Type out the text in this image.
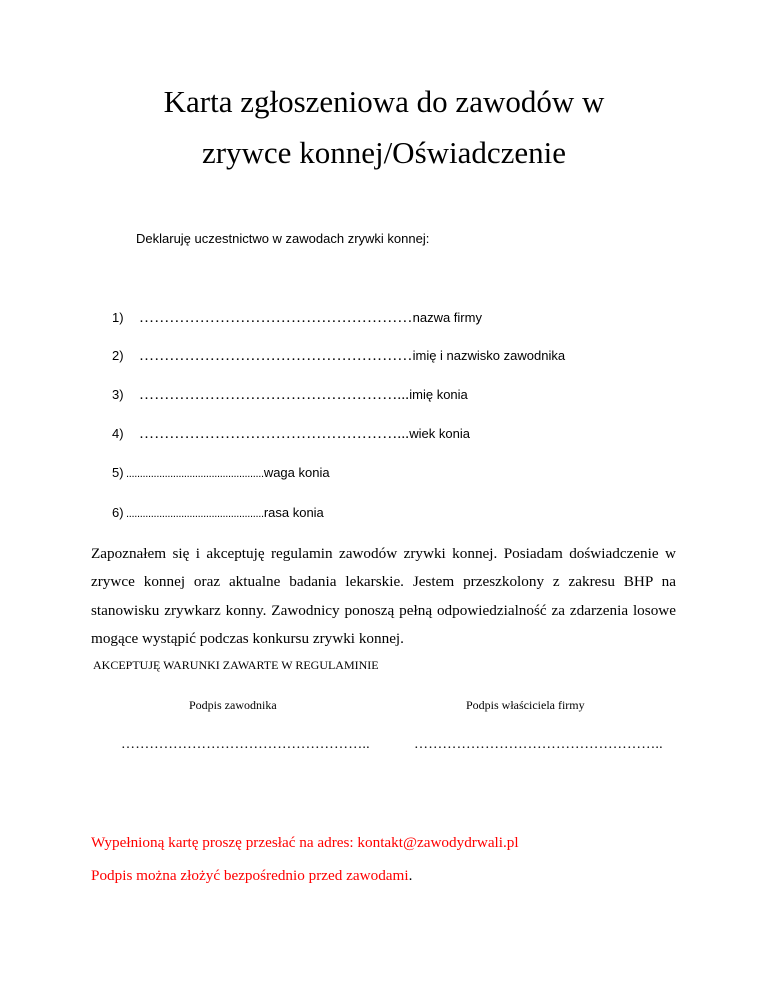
Karta zgłoszeniowa do zawodów w
zrywce konnej/Oświadczenie
Deklaruję uczestnictwo w zawodach zrywki konnej:
1) ………………………………………………nazwa firmy
2) ………………………………………………imię i nazwisko zawodnika
3) ……………………………………………...imię konia
4) ……………………………………………...wiek konia
5) ..................................................waga konia
6) ..................................................rasa konia

Zapoznałem się i akceptuję regulamin zawodów zrywki konnej. Posiadam doświadczenie w zrywce konnej oraz aktualne badania lekarskie. Jestem przeszkolony z zakresu BHP na stanowisku zrywkarz konny. Zawodnicy ponoszą pełną odpowiedzialność za zdarzenia losowe mogące wystąpić podczas konkursu zrywki konnej.

AKCEPTUJĘ WARUNKI ZAWARTE W REGULAMINIE
Podpis zawodnika	Podpis właściciela firmy
……………………………………………..	……………………………………………..
Wypełnioną kartę proszę przesłać na adres: kontakt@zawodydrwali.pl
Podpis można złożyć bezpośrednio przed zawodami.
